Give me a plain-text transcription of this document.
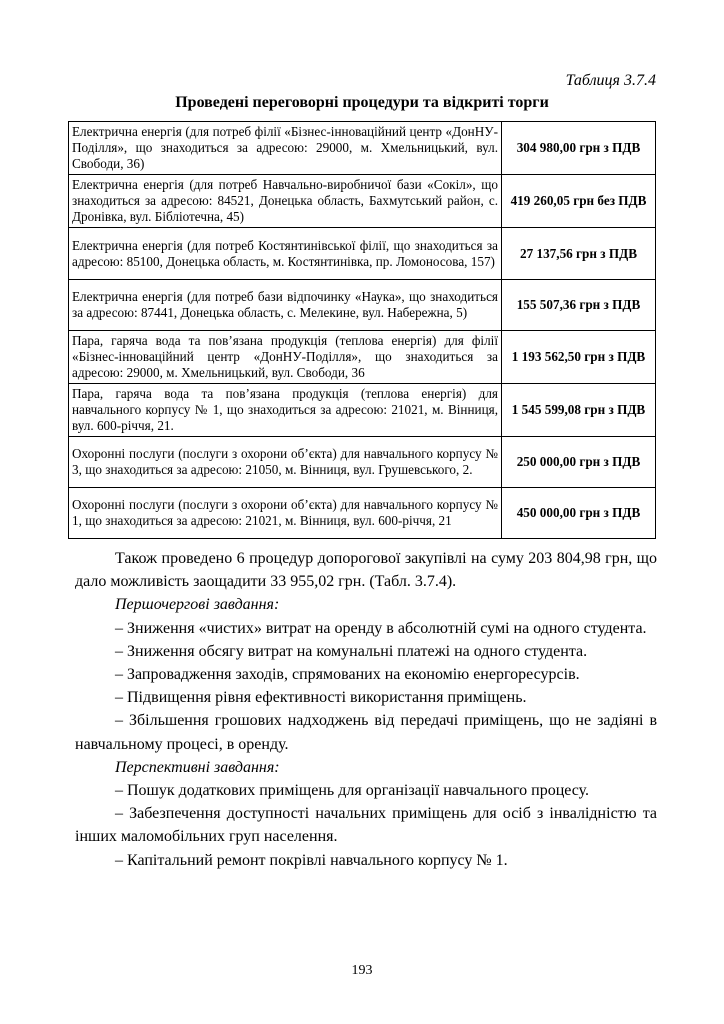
Таблиця 3.7.4
Проведені переговорні процедури та відкриті торги
Електрична енергія (для потреб філії «Бізнес-інноваційний центр «ДонНУ-Поділля», що знаходиться за адресою: 29000, м. Хмельницький, вул. Свободи, 36)	304 980,00 грн з ПДВ
Електрична енергія (для потреб Навчально-виробничої бази «Сокіл», що знаходиться за адресою: 84521, Донецька область, Бахмутський район, с. Дронівка, вул. Бібліотечна, 45)	419 260,05 грн без ПДВ
Електрична енергія (для потреб Костянтинівської філії, що знаходиться за адресою: 85100, Донецька область, м. Костянтинівка, пр. Ломоносова, 157)	27 137,56 грн з ПДВ
Електрична енергія (для потреб бази відпочинку «Наука», що знаходиться за адресою: 87441, Донецька область, с. Мелекине, вул. Набережна, 5)	155 507,36 грн з ПДВ
Пара, гаряча вода та пов’язана продукція (теплова енергія) для філії «Бізнес-інноваційний центр «ДонНУ-Поділля», що знаходиться за адресою: 29000, м. Хмельницький, вул. Свободи, 36	1 193 562,50 грн з ПДВ
Пара, гаряча вода та пов’язана продукція (теплова енергія) для навчального корпусу № 1, що знаходиться за адресою: 21021, м. Вінниця, вул. 600-річчя, 21.	1 545 599,08 грн з ПДВ
Охоронні послуги (послуги з охорони об’єкта) для навчального корпусу № 3, що знаходиться за адресою: 21050, м. Вінниця, вул. Грушевського, 2.	250 000,00 грн з ПДВ
Охоронні послуги (послуги з охорони об’єкта) для навчального корпусу № 1, що знаходиться за адресою: 21021, м. Вінниця, вул. 600-річчя, 21	450 000,00 грн з ПДВ

Також проведено 6 процедур допорогової закупівлі на суму 203 804,98 грн, що дало можливість заощадити 33 955,02 грн. (Табл. 3.7.4).

Першочергові завдання:

– Зниження «чистих» витрат на оренду в абсолютній сумі на одного студента.

– Зниження обсягу витрат на комунальні платежі на одного студента.

– Запровадження заходів, спрямованих на економію енергоресурсів.

– Підвищення рівня ефективності використання приміщень.

– Збільшення грошових надходжень від передачі приміщень, що не задіяні в навчальному процесі, в оренду.

Перспективні завдання:

– Пошук додаткових приміщень для організації навчального процесу.

– Забезпечення доступності начальних приміщень для осіб з інвалідністю та інших маломобільних груп населення.

– Капітальний ремонт покрівлі навчального корпусу № 1.

193
